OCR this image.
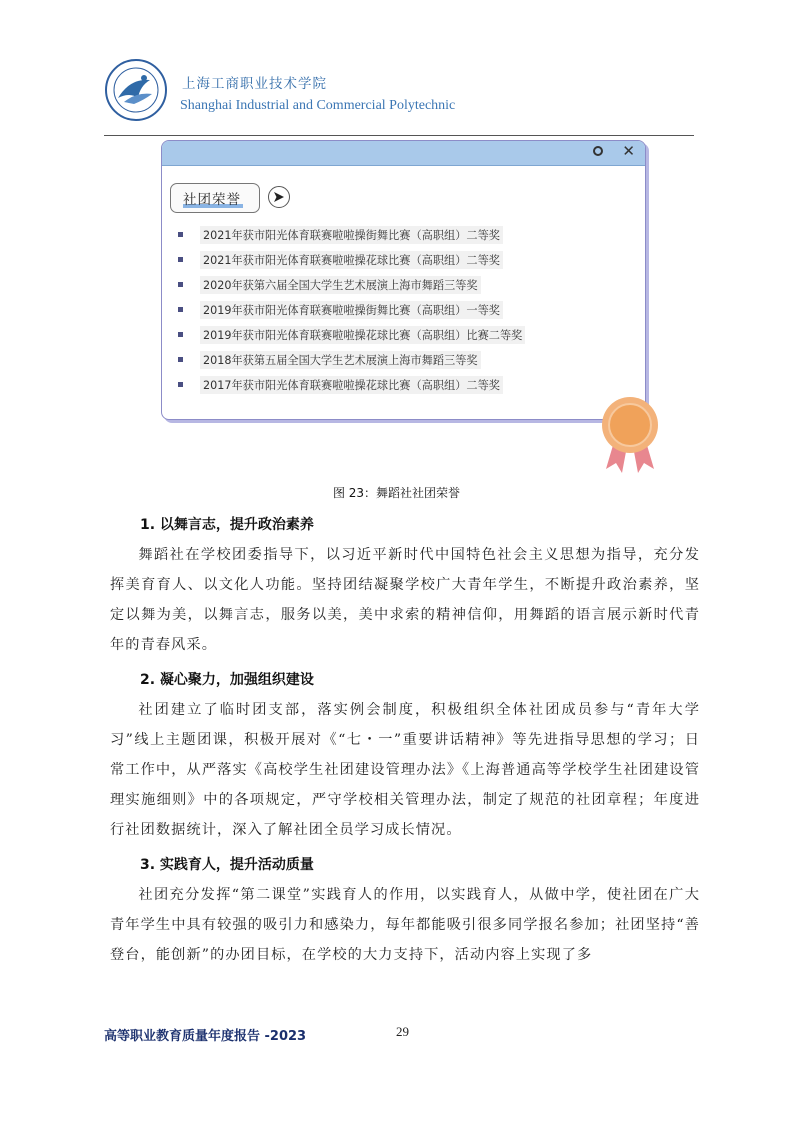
上海工商职业技术学院
Shanghai Industrial and Commercial Polytechnic
✕
社团荣誉
2021年获市阳光体育联赛啦啦操街舞比赛（高职组）二等奖
2021年获市阳光体育联赛啦啦操花球比赛（高职组）二等奖
2020年获第六届全国大学生艺术展演上海市舞蹈三等奖
2019年获市阳光体育联赛啦啦操街舞比赛（高职组）一等奖
2019年获市阳光体育联赛啦啦操花球比赛（高职组）比赛二等奖
2018年获第五届全国大学生艺术展演上海市舞蹈三等奖
2017年获市阳光体育联赛啦啦操花球比赛（高职组）二等奖
图 23：舞蹈社社团荣誉
1. 以舞言志，提升政治素养

舞蹈社在学校团委指导下，以习近平新时代中国特色社会主义思想为指导，充分发挥美育育人、以文化人功能。坚持团结凝聚学校广大青年学生，不断提升政治素养，坚定以舞为美，以舞言志，服务以美，美中求索的精神信仰，用舞蹈的语言展示新时代青年的青春风采。

2. 凝心聚力，加强组织建设

社团建立了临时团支部，落实例会制度，积极组织全体社团成员参与“青年大学习”线上主题团课，积极开展对《“七・一”重要讲话精神》等先进指导思想的学习；日常工作中，从严落实《高校学生社团建设管理办法》《上海普通高等学校学生社团建设管理实施细则》中的各项规定，严守学校相关管理办法，制定了规范的社团章程；年度进行社团数据统计，深入了解社团全员学习成长情况。

3. 实践育人，提升活动质量

社团充分发挥“第二课堂”实践育人的作用，以实践育人，从做中学，使社团在广大青年学生中具有较强的吸引力和感染力，每年都能吸引很多同学报名参加；社团坚持“善登台，能创新”的办团目标，在学校的大力支持下，活动内容上实现了多

高等职业教育质量年度报告 -2023	29
